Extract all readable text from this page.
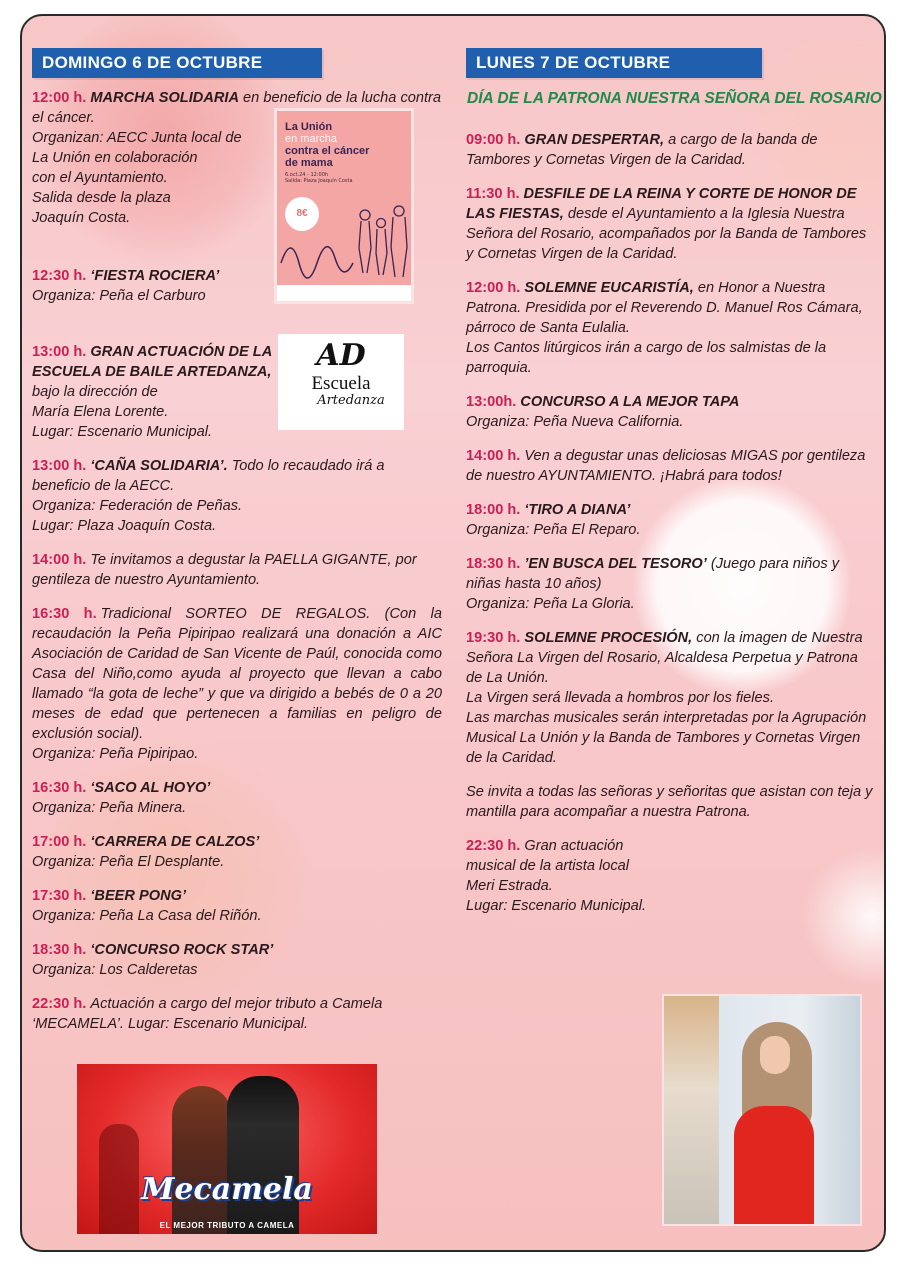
DOMINGO 6 DE OCTUBRE

12:00 h. MARCHA SOLIDARIA en beneficio de la lucha contra el cáncer.

Organizan: AECC Junta local de

La Unión en colaboración

con el Ayuntamiento.

Salida desde la plaza

Joaquín Costa.

12:30 h. ‘FIESTA ROCIERA’

Organiza: Peña el Carburo

13:00 h. GRAN ACTUACIÓN DE LA ESCUELA DE BAILE ARTEDANZA,

bajo la dirección de

María Elena Lorente.

Lugar: Escenario Municipal.

13:00 h. ‘CAÑA SOLIDARIA’. Todo lo recaudado irá a beneficio de la AECC.

Organiza: Federación de Peñas.

Lugar: Plaza Joaquín Costa.

14:00 h. Te invitamos a degustar la PAELLA GIGANTE, por gentileza de nuestro Ayuntamiento.

16:30 h. Tradicional SORTEO DE REGALOS. (Con la recaudación la Peña Pipiripao realizará una donación a AIC Asociación de Caridad de San Vicente de Paúl, conocida como Casa del Niño,como ayuda al proyecto que llevan a cabo llamado “la gota de leche” y que va dirigido a bebés de 0 a 20 meses de edad que pertenecen a familias en peligro de exclusión social).

Organiza: Peña Pipiripao.

16:30 h. ‘SACO AL HOYO’

Organiza: Peña Minera.

17:00 h. ‘CARRERA DE CALZOS’

Organiza: Peña El Desplante.

17:30 h. ‘BEER PONG’

Organiza: Peña La Casa del Riñón.

18:30 h. ‘CONCURSO ROCK STAR’

Organiza: Los Calderetas

22:30 h. Actuación a cargo del mejor tributo a Camela ‘MECAMELA’. Lugar: Escenario Municipal.

LUNES 7 DE OCTUBRE
DÍA DE LA PATRONA NUESTRA SEÑORA DEL ROSARIO

09:00 h. GRAN DESPERTAR, a cargo de la banda de Tambores y Cornetas Virgen de la Caridad.

11:30 h. DESFILE DE LA REINA Y CORTE DE HONOR DE LAS FIESTAS, desde el Ayuntamiento a la Iglesia Nuestra Señora del Rosario, acompañados por la Banda de Tambores y Cornetas Virgen de la Caridad.

12:00 h. SOLEMNE EUCARISTÍA, en Honor a Nuestra Patrona. Presidida por el Reverendo D. Manuel Ros Cámara, párroco de Santa Eulalia.

Los Cantos litúrgicos irán a cargo de los salmistas de la parroquia.

13:00h. CONCURSO A LA MEJOR TAPA

Organiza: Peña Nueva California.

14:00 h. Ven a degustar unas deliciosas MIGAS por gentileza de nuestro AYUNTAMIENTO. ¡Habrá para todos!

18:00 h. ‘TIRO A DIANA’

Organiza: Peña El Reparo.

18:30 h. ’EN BUSCA DEL TESORO’ (Juego para niños y niñas hasta 10 años)

Organiza: Peña La Gloria.

19:30 h. SOLEMNE PROCESIÓN, con la imagen de Nuestra Señora La Virgen del Rosario, Alcaldesa Perpetua y Patrona de La Unión.

La Virgen será llevada a hombros por los fieles.

Las marchas musicales serán interpretadas por la Agrupación Musical La Unión y la Banda de Tambores y Cornetas Virgen de la Caridad.

Se invita a todas las señoras y señoritas que asistan con teja y mantilla para acompañar a nuestra Patrona.

22:30 h. Gran actuación musical de la artista local Meri Estrada.

Lugar: Escenario Municipal.

La Unión
en marcha
contra el cáncer
de mama
6.oct.24 - 12:00h
Salida: Plaza Joaquín Costa
8€
AD
Escuela
Artedanza
Mecamela
EL MEJOR TRIBUTO A CAMELA
